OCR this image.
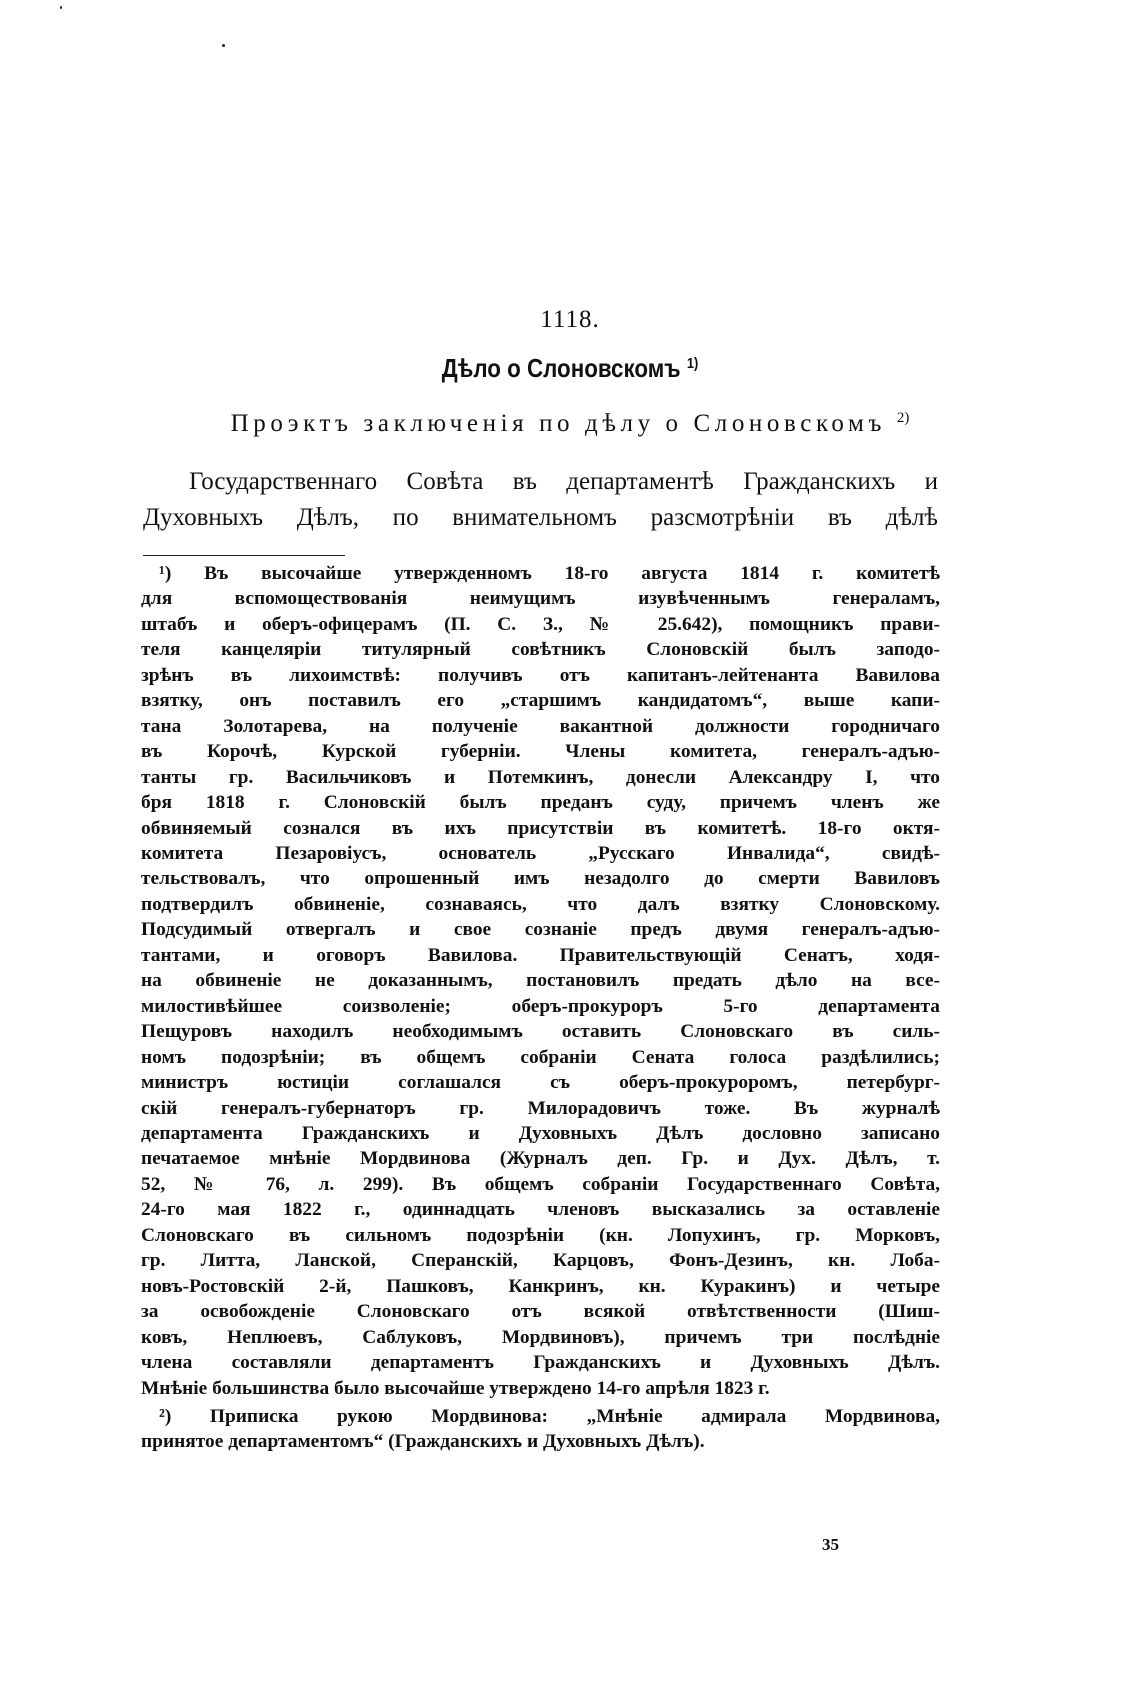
1118.
Дѣло о Слоновскомъ $^{1)}$
Проэктъ заключенія по дѣлу о Слоновскомъ $^{2)}$
Государственнаго Совѣта въ департаментѣ Гражданскихъ и
Духовныхъ Дѣлъ, по внимательномъ разсмотрѣніи въ дѣлѣ
¹) Въ высочайше утвержденномъ 18-го августа 1814 г. комитетѣ
для вспомоществованія неимущимъ изувѣченнымъ генераламъ,
штабъ и оберъ-офицерамъ (П. С. З., № 25.642), помощникъ прави-
теля канцеляріи титулярный совѣтникъ Слоновскій былъ заподо-
зрѣнъ въ лихоимствѣ: получивъ отъ капитанъ-лейтенанта Вавилова
взятку, онъ поставилъ его „старшимъ кандидатомъ“, выше капи-
тана Золотарева, на полученіе вакантной должности городничаго
въ Корочѣ, Курской губерніи. Члены комитета, генералъ-адъю-
танты гр. Васильчиковъ и Потемкинъ, донесли Александру I, что
бря 1818 г. Слоновскій былъ преданъ суду, причемъ членъ же
обвиняемый сознался въ ихъ присутствіи въ комитетѣ. 18-го октя-
комитета Пезаровіусъ, основатель „Русскаго Инвалида“, свидѣ-
тельствовалъ, что опрошенный имъ незадолго до смерти Вавиловъ
подтвердилъ обвиненіе, сознаваясь, что далъ взятку Слоновскому.
Подсудимый отвергалъ и свое сознаніе предъ двумя генералъ-адъю-
тантами, и оговоръ Вавилова. Правительствующій Сенатъ, ходя-
на обвиненіе не доказаннымъ, постановилъ предать дѣло на все-
милостивѣйшее соизволеніе; оберъ-прокуроръ 5-го департамента
Пещуровъ находилъ необходимымъ оставить Слоновскаго въ силь-
номъ подозрѣніи; въ общемъ собраніи Сената голоса раздѣлились;
министръ юстиціи соглашался съ оберъ-прокуроромъ, петербург-
скій генералъ-губернаторъ гр. Милорадовичъ тоже. Въ журналѣ
департамента Гражданскихъ и Духовныхъ Дѣлъ дословно записано
печатаемое мнѣніе Мордвинова (Журналъ деп. Гр. и Дух. Дѣлъ, т.
52, № 76, л. 299). Въ общемъ собраніи Государственнаго Совѣта,
24-го мая 1822 г., одиннадцать членовъ высказались за оставленіе
Слоновскаго въ сильномъ подозрѣніи (кн. Лопухинъ, гр. Морковъ,
гр. Литта, Ланской, Сперанскій, Карцовъ, Фонъ-Дезинъ, кн. Лоба-
новъ-Ростовскій 2-й, Пашковъ, Канкринъ, кн. Куракинъ) и четыре
за освобожденіе Слоновскаго отъ всякой отвѣтственности (Шиш-
ковъ, Неплюевъ, Саблуковъ, Мордвиновъ), причемъ три послѣдніе
члена составляли департаментъ Гражданскихъ и Духовныхъ Дѣлъ.
Мнѣніе большинства было высочайше утверждено 14-го апрѣля 1823 г.
²) Приписка рукою Мордвинова: „Мнѣніе адмирала Мордвинова,
принятое департаментомъ“ (Гражданскихъ и Духовныхъ Дѣлъ).
35
